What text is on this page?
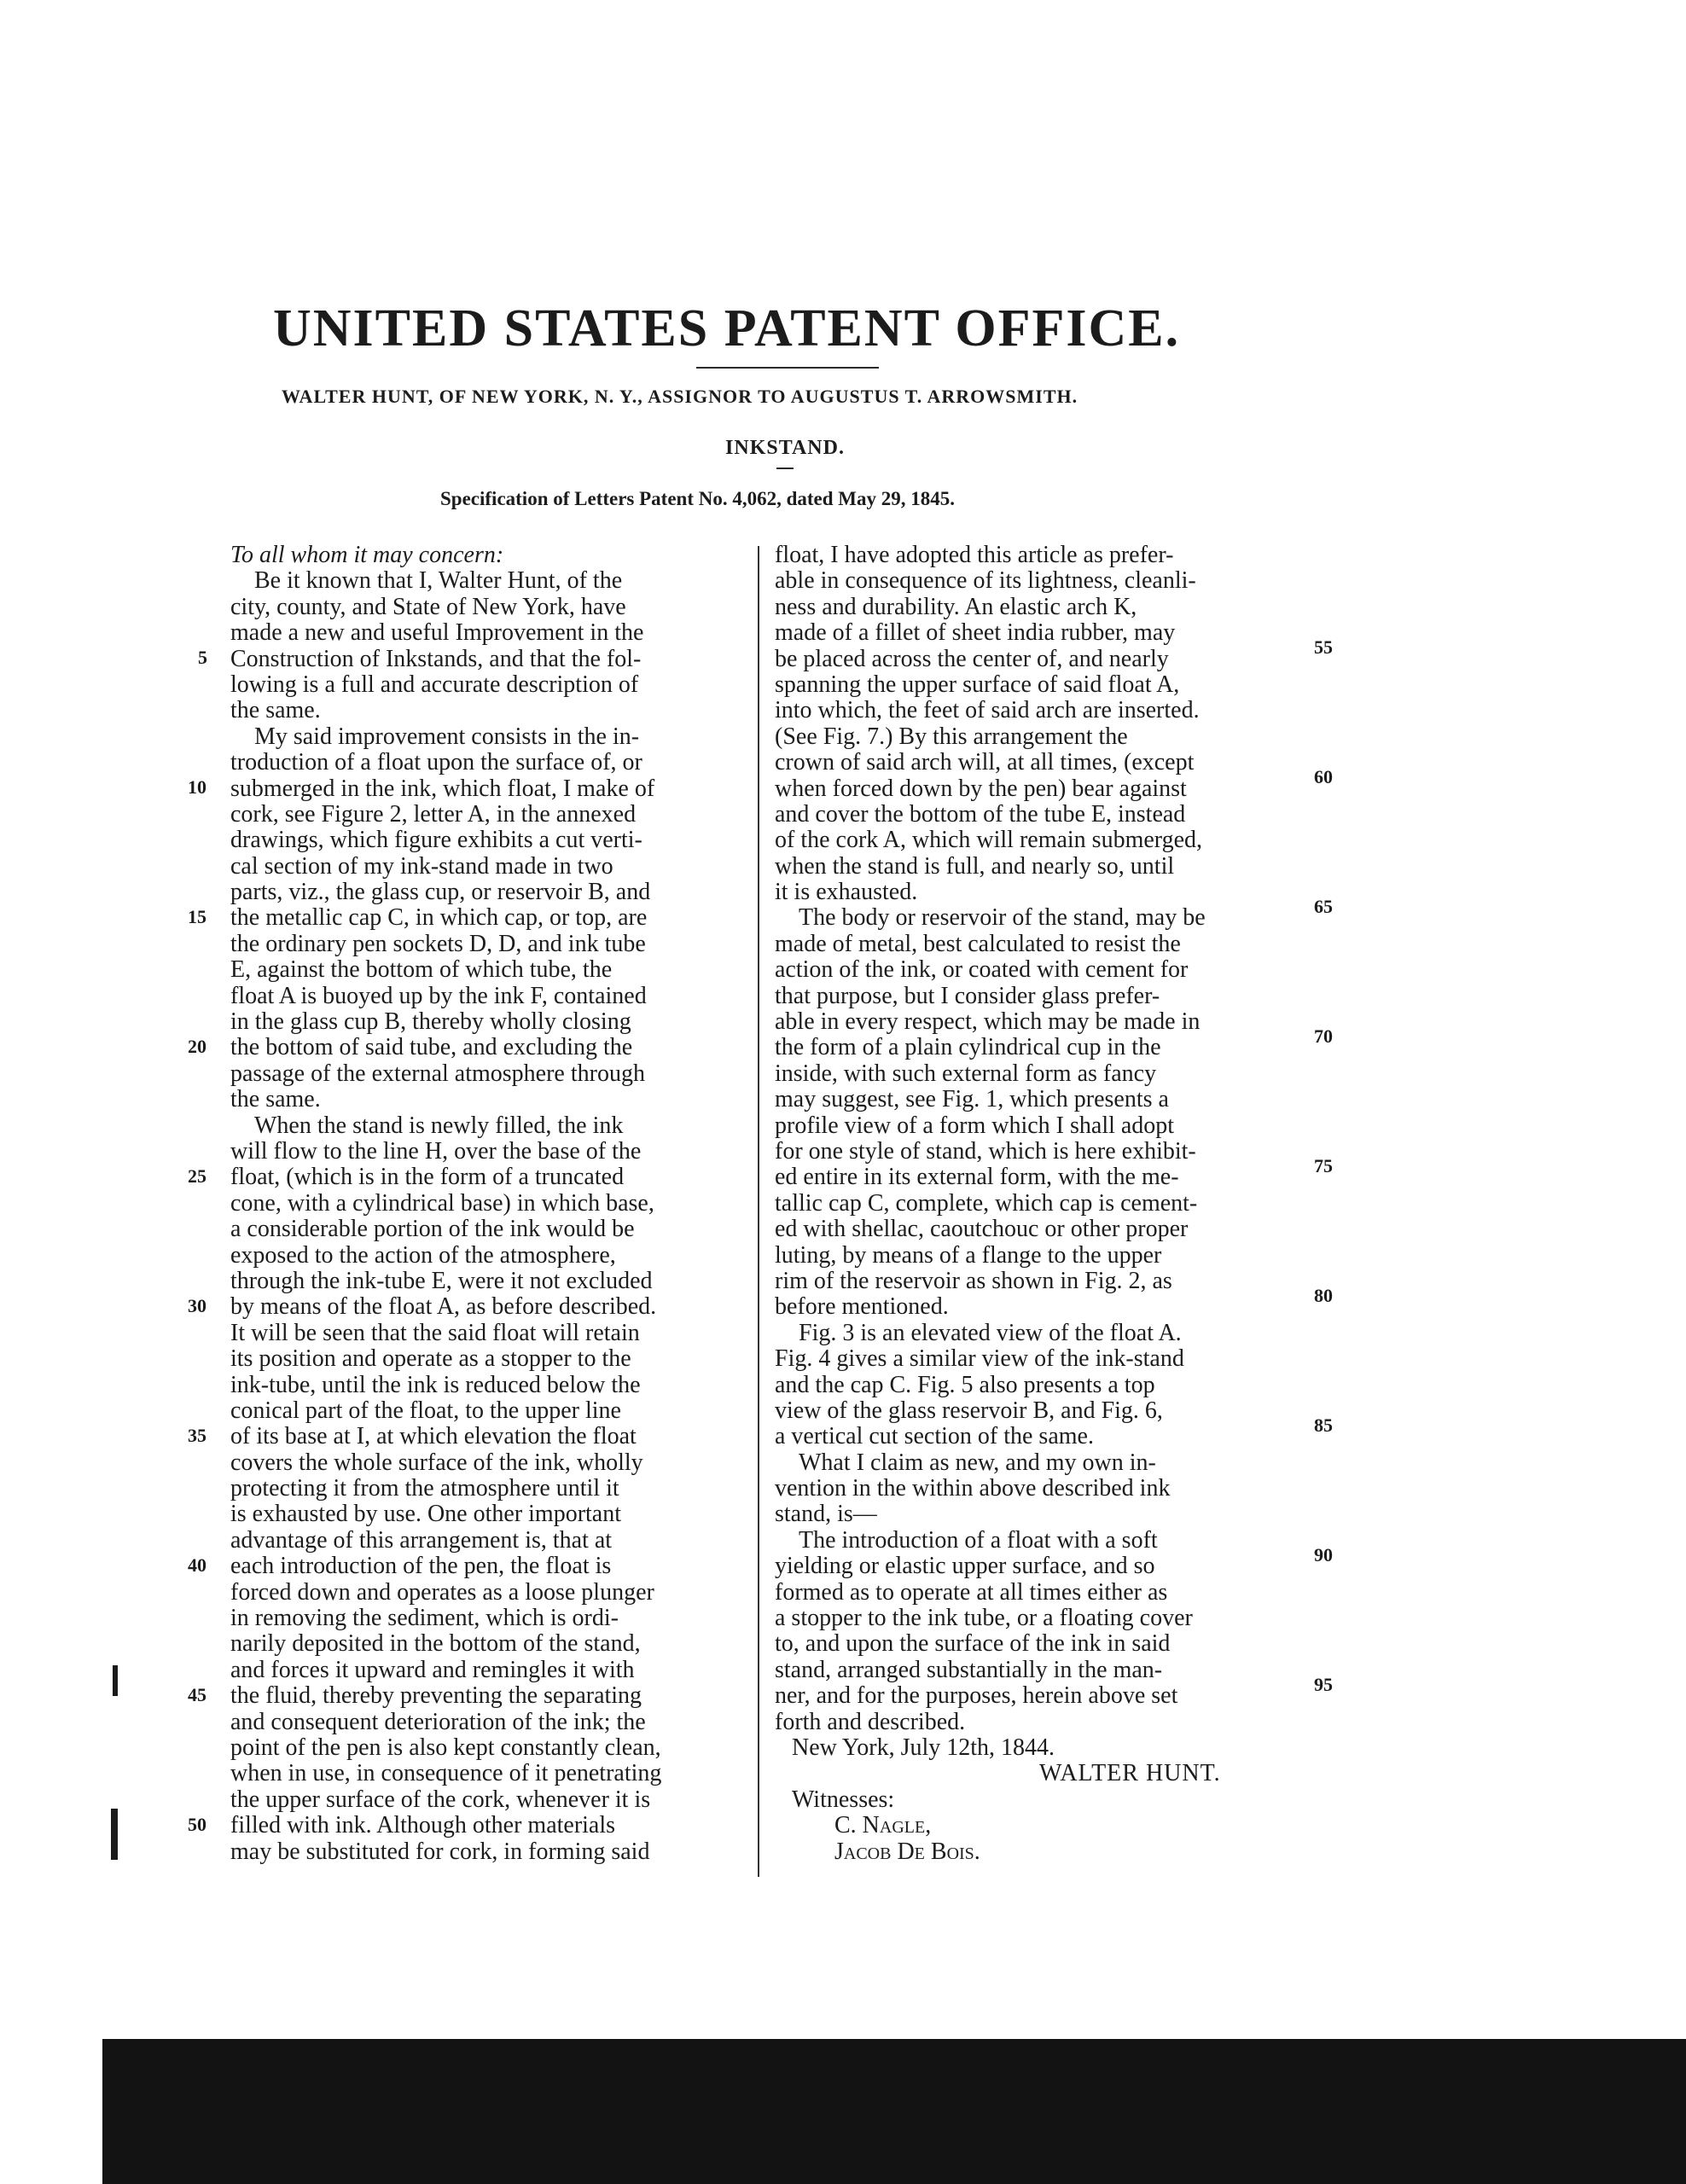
UNITED STATES PATENT OFFICE.
WALTER HUNT, OF NEW YORK, N. Y., ASSIGNOR TO AUGUSTUS T. ARROWSMITH.
INKSTAND.
Specification of Letters Patent No. 4,062, dated May 29, 1845.
To all whom it may concern:
Be it known that I, Walter Hunt, of the
city, county, and State of New York, have
made a new and useful Improvement in the
Construction of Inkstands, and that the fol-
lowing is a full and accurate description of
the same.
My said improvement consists in the in-
troduction of a float upon the surface of, or
submerged in the ink, which float, I make of
cork, see Figure 2, letter A, in the annexed
drawings, which figure exhibits a cut verti-
cal section of my ink-stand made in two
parts, viz., the glass cup, or reservoir B, and
the metallic cap C, in which cap, or top, are
the ordinary pen sockets D, D, and ink tube
E, against the bottom of which tube, the
float A is buoyed up by the ink F, contained
in the glass cup B, thereby wholly closing
the bottom of said tube, and excluding the
passage of the external atmosphere through
the same.
When the stand is newly filled, the ink
will flow to the line H, over the base of the
float, (which is in the form of a truncated
cone, with a cylindrical base) in which base,
a considerable portion of the ink would be
exposed to the action of the atmosphere,
through the ink-tube E, were it not excluded
by means of the float A, as before described.
It will be seen that the said float will retain
its position and operate as a stopper to the
ink-tube, until the ink is reduced below the
conical part of the float, to the upper line
of its base at I, at which elevation the float
covers the whole surface of the ink, wholly
protecting it from the atmosphere until it
is exhausted by use. One other important
advantage of this arrangement is, that at
each introduction of the pen, the float is
forced down and operates as a loose plunger
in removing the sediment, which is ordi-
narily deposited in the bottom of the stand,
and forces it upward and remingles it with
the fluid, thereby preventing the separating
and consequent deterioration of the ink; the
point of the pen is also kept constantly clean,
when in use, in consequence of it penetrating
the upper surface of the cork, whenever it is
filled with ink. Although other materials
may be substituted for cork, in forming said
float, I have adopted this article as prefer-
able in consequence of its lightness, cleanli-
ness and durability. An elastic arch K,
made of a fillet of sheet india rubber, may
be placed across the center of, and nearly
spanning the upper surface of said float A,
into which, the feet of said arch are inserted.
(See Fig. 7.) By this arrangement the
crown of said arch will, at all times, (except
when forced down by the pen) bear against
and cover the bottom of the tube E, instead
of the cork A, which will remain submerged,
when the stand is full, and nearly so, until
it is exhausted.
The body or reservoir of the stand, may be
made of metal, best calculated to resist the
action of the ink, or coated with cement for
that purpose, but I consider glass prefer-
able in every respect, which may be made in
the form of a plain cylindrical cup in the
inside, with such external form as fancy
may suggest, see Fig. 1, which presents a
profile view of a form which I shall adopt
for one style of stand, which is here exhibit-
ed entire in its external form, with the me-
tallic cap C, complete, which cap is cement-
ed with shellac, caoutchouc or other proper
luting, by means of a flange to the upper
rim of the reservoir as shown in Fig. 2, as
before mentioned.
Fig. 3 is an elevated view of the float A.
Fig. 4 gives a similar view of the ink-stand
and the cap C. Fig. 5 also presents a top
view of the glass reservoir B, and Fig. 6,
a vertical cut section of the same.
What I claim as new, and my own in-
vention in the within above described ink
stand, is—
The introduction of a float with a soft
yielding or elastic upper surface, and so
formed as to operate at all times either as
a stopper to the ink tube, or a floating cover
to, and upon the surface of the ink in said
stand, arranged substantially in the man-
ner, and for the purposes, herein above set
forth and described.
New York, July 12th, 1844.
WALTER HUNT.
Witnesses:
C. Nagle,
Jacob De Bois.
5
10
15
20
25
30
35
40
45
50
55
60
65
70
75
80
85
90
95
